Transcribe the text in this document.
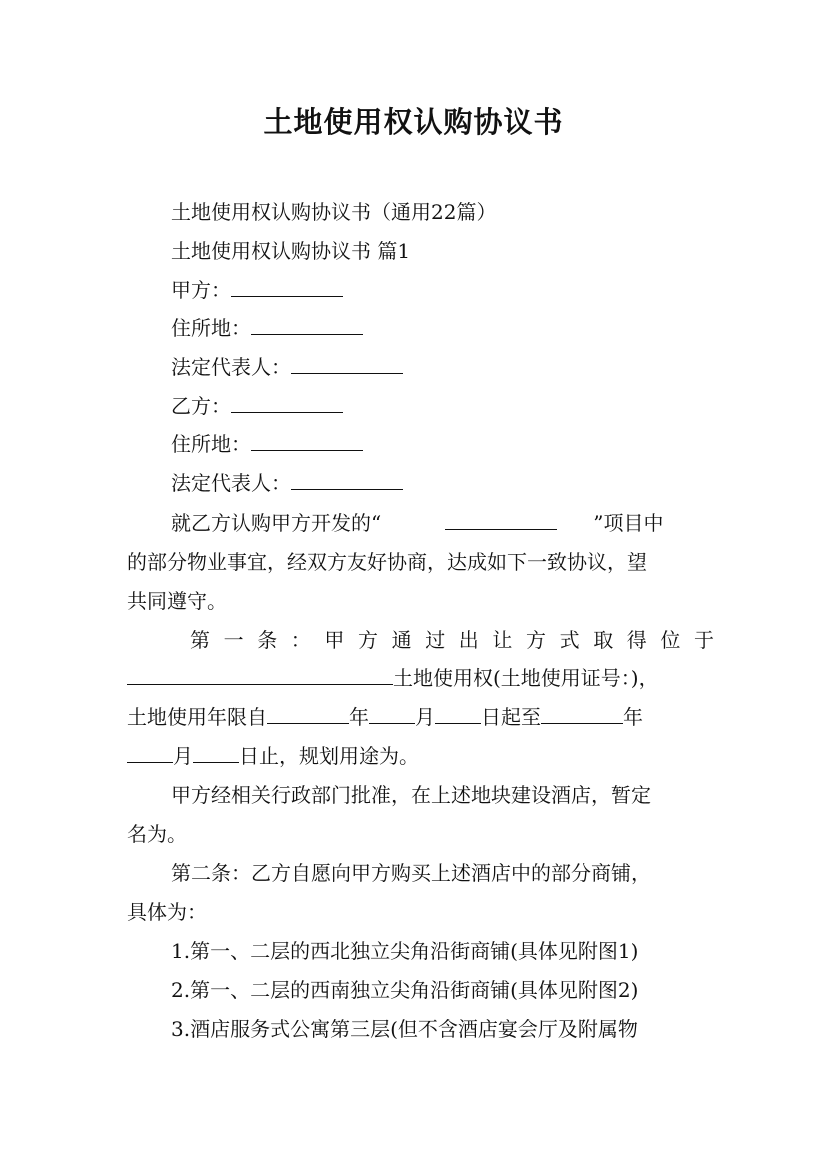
土地使用权认购协议书

土地使用权认购协议书（通用22篇）

土地使用权认购协议书 篇1

甲方：

住所地：

法定代表人：

乙方：

住所地：

法定代表人：

就乙方认购甲方开发的“	”项目中

的部分物业事宜，经双方友好协商，达成如下一致协议，望

共同遵守。

第一条：甲方通过出让方式取得位于

土地使用权(土地使用证号：)，

土地使用年限自	年 月 日起至	年

月 日止，规划用途为。

甲方经相关行政部门批准，在上述地块建设酒店，暂定

名为。

第二条：乙方自愿向甲方购买上述酒店中的部分商铺，

具体为：

1.第一、二层的西北独立尖角沿街商铺(具体见附图1)

2.第一、二层的西南独立尖角沿街商铺(具体见附图2)

3.酒店服务式公寓第三层(但不含酒店宴会厅及附属物
